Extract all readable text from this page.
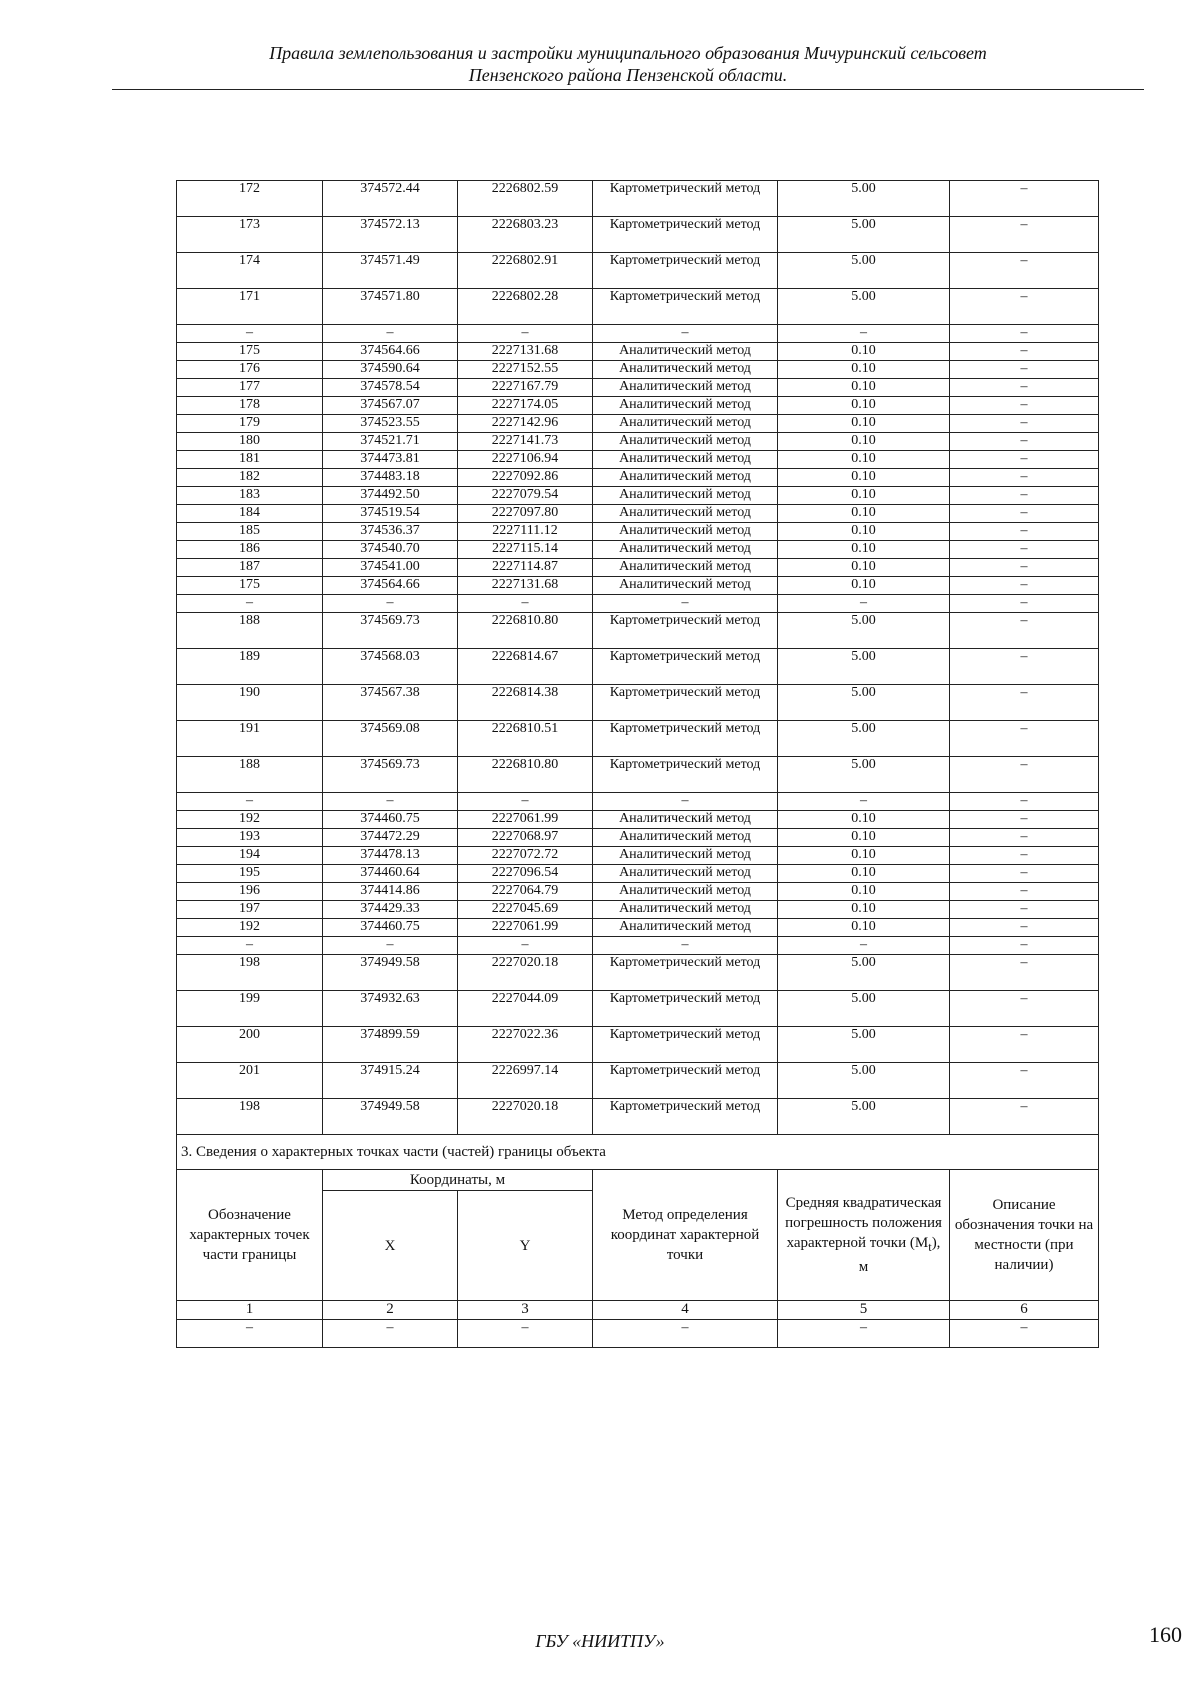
Правила землепользования и застройки муниципального образования Мичуринский сельсовет
Пензенского района Пензенской области.
172	374572.44	2226802.59	Картометрический метод	5.00	–
173	374572.13	2226803.23	Картометрический метод	5.00	–
174	374571.49	2226802.91	Картометрический метод	5.00	–
171	374571.80	2226802.28	Картометрический метод	5.00	–
–	–	–	–	–	–
175	374564.66	2227131.68	Аналитический метод	0.10	–
176	374590.64	2227152.55	Аналитический метод	0.10	–
177	374578.54	2227167.79	Аналитический метод	0.10	–
178	374567.07	2227174.05	Аналитический метод	0.10	–
179	374523.55	2227142.96	Аналитический метод	0.10	–
180	374521.71	2227141.73	Аналитический метод	0.10	–
181	374473.81	2227106.94	Аналитический метод	0.10	–
182	374483.18	2227092.86	Аналитический метод	0.10	–
183	374492.50	2227079.54	Аналитический метод	0.10	–
184	374519.54	2227097.80	Аналитический метод	0.10	–
185	374536.37	2227111.12	Аналитический метод	0.10	–
186	374540.70	2227115.14	Аналитический метод	0.10	–
187	374541.00	2227114.87	Аналитический метод	0.10	–
175	374564.66	2227131.68	Аналитический метод	0.10	–
–	–	–	–	–	–
188	374569.73	2226810.80	Картометрический метод	5.00	–
189	374568.03	2226814.67	Картометрический метод	5.00	–
190	374567.38	2226814.38	Картометрический метод	5.00	–
191	374569.08	2226810.51	Картометрический метод	5.00	–
188	374569.73	2226810.80	Картометрический метод	5.00	–
–	–	–	–	–	–
192	374460.75	2227061.99	Аналитический метод	0.10	–
193	374472.29	2227068.97	Аналитический метод	0.10	–
194	374478.13	2227072.72	Аналитический метод	0.10	–
195	374460.64	2227096.54	Аналитический метод	0.10	–
196	374414.86	2227064.79	Аналитический метод	0.10	–
197	374429.33	2227045.69	Аналитический метод	0.10	–
192	374460.75	2227061.99	Аналитический метод	0.10	–
–	–	–	–	–	–
198	374949.58	2227020.18	Картометрический метод	5.00	–
199	374932.63	2227044.09	Картометрический метод	5.00	–
200	374899.59	2227022.36	Картометрический метод	5.00	–
201	374915.24	2226997.14	Картометрический метод	5.00	–
198	374949.58	2227020.18	Картометрический метод	5.00	–
3. Сведения о характерных точках части (частей) границы объекта					
Обозначение характерных точек части границы	Координаты, м		Метод определения координат характерной точки	Средняя квадратическая погрешность положения характерной точки $(М_t)$, м	Описание обозначения точки на местности (при наличии)
	X	Y			
1	2	3	4	5	6
–	–	–	–	–	–
ГБУ «НИИТПУ»	160
